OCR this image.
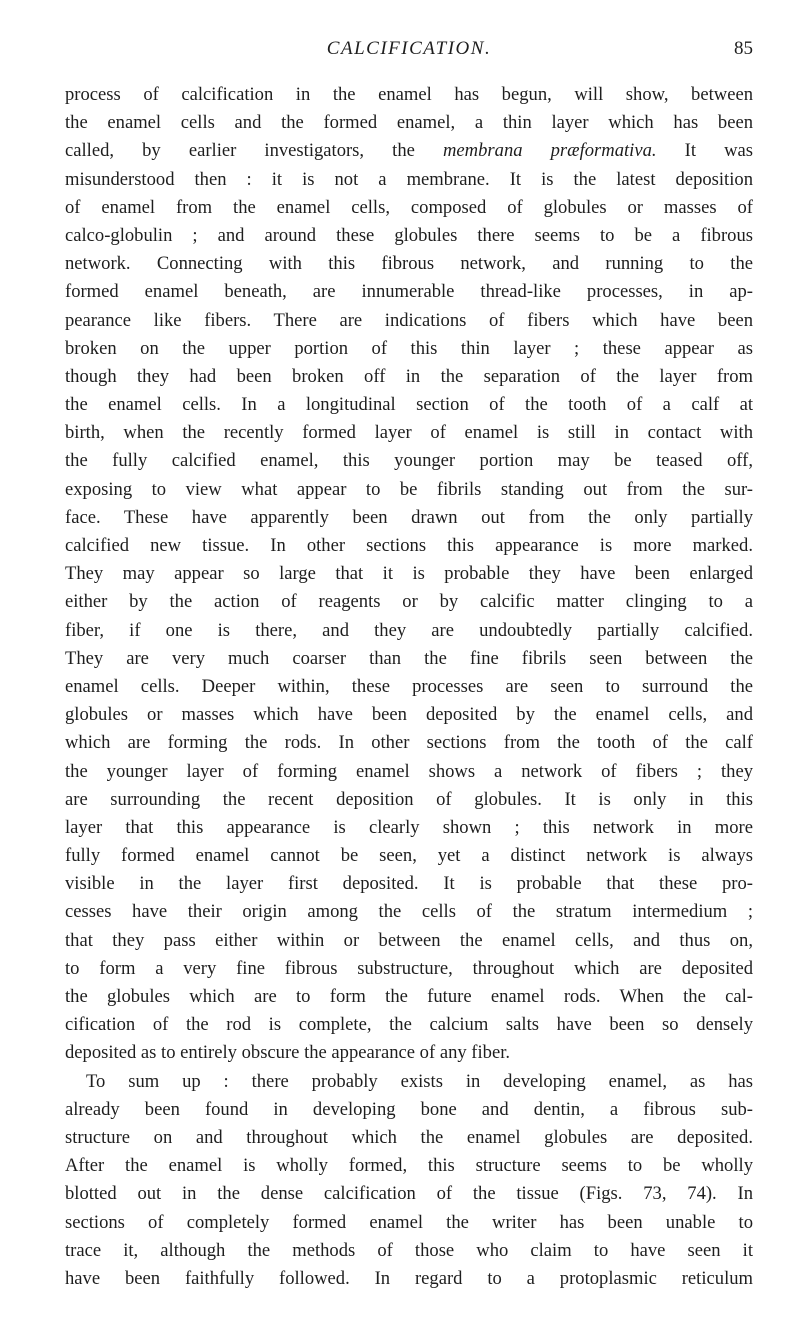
CALCIFICATION.	85
process of calcification in the enamel has begun, will show, between
the enamel cells and the formed enamel, a thin layer which has been
called, by earlier investigators, the membrana præformativa. It was
misunderstood then : it is not a membrane. It is the latest deposition
of enamel from the enamel cells, composed of globules or masses of
calco-globulin ; and around these globules there seems to be a fibrous
network. Connecting with this fibrous network, and running to the
formed enamel beneath, are innumerable thread-like processes, in ap-
pearance like fibers. There are indications of fibers which have been
broken on the upper portion of this thin layer ; these appear as
though they had been broken off in the separation of the layer from
the enamel cells. In a longitudinal section of the tooth of a calf at
birth, when the recently formed layer of enamel is still in contact with
the fully calcified enamel, this younger portion may be teased off,
exposing to view what appear to be fibrils standing out from the sur-
face. These have apparently been drawn out from the only partially
calcified new tissue. In other sections this appearance is more marked.
They may appear so large that it is probable they have been enlarged
either by the action of reagents or by calcific matter clinging to a
fiber, if one is there, and they are undoubtedly partially calcified.
They are very much coarser than the fine fibrils seen between the
enamel cells. Deeper within, these processes are seen to surround the
globules or masses which have been deposited by the enamel cells, and
which are forming the rods. In other sections from the tooth of the calf
the younger layer of forming enamel shows a network of fibers ; they
are surrounding the recent deposition of globules. It is only in this
layer that this appearance is clearly shown ; this network in more
fully formed enamel cannot be seen, yet a distinct network is always
visible in the layer first deposited. It is probable that these pro-
cesses have their origin among the cells of the stratum intermedium ;
that they pass either within or between the enamel cells, and thus on,
to form a very fine fibrous substructure, throughout which are deposited
the globules which are to form the future enamel rods. When the cal-
cification of the rod is complete, the calcium salts have been so densely
deposited as to entirely obscure the appearance of any fiber.
To sum up : there probably exists in developing enamel, as has
already been found in developing bone and dentin, a fibrous sub-
structure on and throughout which the enamel globules are deposited.
After the enamel is wholly formed, this structure seems to be wholly
blotted out in the dense calcification of the tissue (Figs. 73, 74). In
sections of completely formed enamel the writer has been unable to
trace it, although the methods of those who claim to have seen it
have been faithfully followed. In regard to a protoplasmic reticulum
